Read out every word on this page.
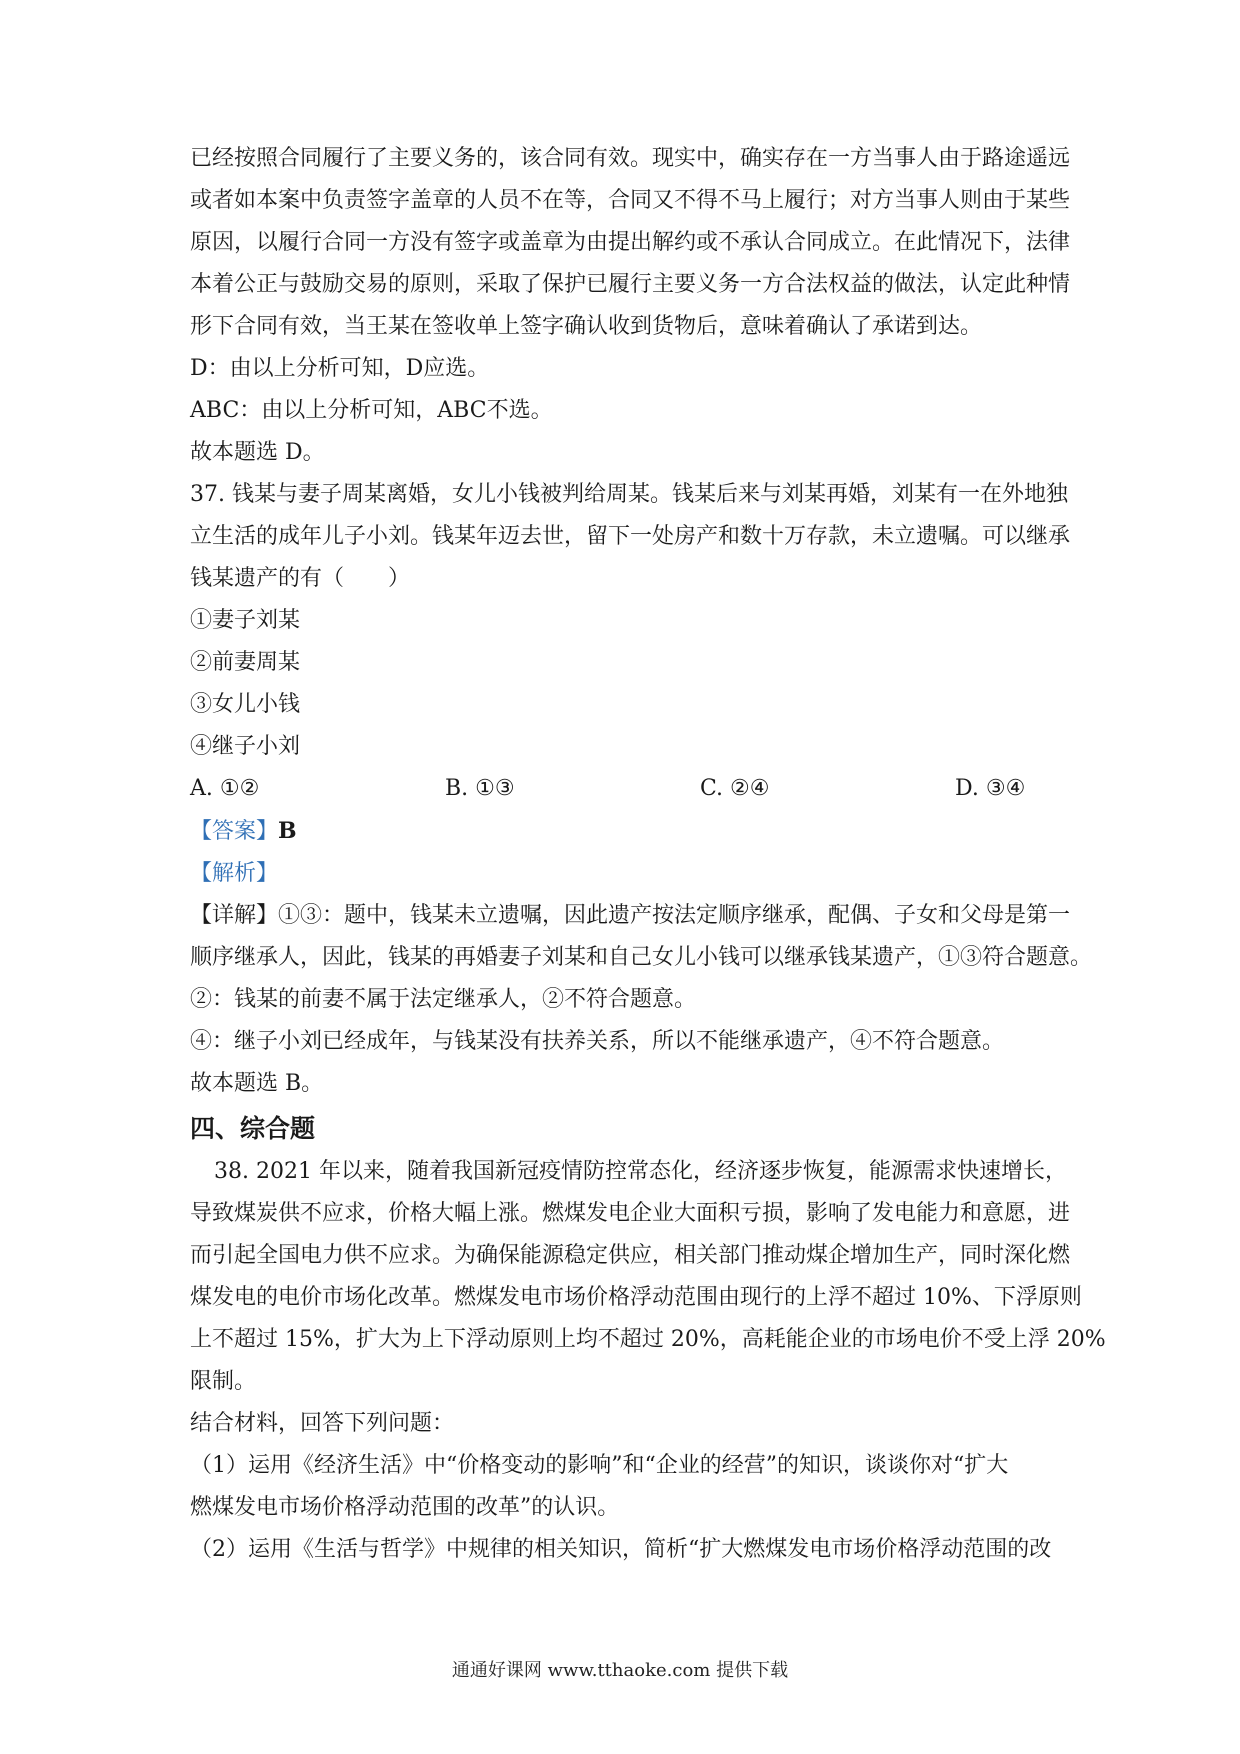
已经按照合同履行了主要义务的，该合同有效。现实中，确实存在一方当事人由于路途遥远
或者如本案中负责签字盖章的人员不在等，合同又不得不马上履行；对方当事人则由于某些
原因，以履行合同一方没有签字或盖章为由提出解约或不承认合同成立。在此情况下，法律
本着公正与鼓励交易的原则，采取了保护已履行主要义务一方合法权益的做法，认定此种情
形下合同有效，当王某在签收单上签字确认收到货物后，意味着确认了承诺到达。
D：由以上分析可知，D应选。
ABC：由以上分析可知，ABC不选。
故本题选 D。
37. 钱某与妻子周某离婚，女儿小钱被判给周某。钱某后来与刘某再婚，刘某有一在外地独
立生活的成年儿子小刘。钱某年迈去世，留下一处房产和数十万存款，未立遗嘱。可以继承
钱某遗产的有（　　）
①妻子刘某
②前妻周某
③女儿小钱
④继子小刘
A. ①②	B. ①③	C. ②④	D. ③④
【答案】B
【解析】
【详解】①③：题中，钱某未立遗嘱，因此遗产按法定顺序继承，配偶、子女和父母是第一
顺序继承人，因此，钱某的再婚妻子刘某和自己女儿小钱可以继承钱某遗产，①③符合题意。
②：钱某的前妻不属于法定继承人，②不符合题意。
④：继子小刘已经成年，与钱某没有扶养关系，所以不能继承遗产，④不符合题意。
故本题选 B。
四、综合题
38. 2021 年以来，随着我国新冠疫情防控常态化，经济逐步恢复，能源需求快速增长，
导致煤炭供不应求，价格大幅上涨。燃煤发电企业大面积亏损，影响了发电能力和意愿，进
而引起全国电力供不应求。为确保能源稳定供应，相关部门推动煤企增加生产，同时深化燃
煤发电的电价市场化改革。燃煤发电市场价格浮动范围由现行的上浮不超过 10%、下浮原则
上不超过 15%，扩大为上下浮动原则上均不超过 20%，高耗能企业的市场电价不受上浮 20%
限制。
结合材料，回答下列问题：
（1）运用《经济生活》中“价格变动的影响”和“企业的经营”的知识，谈谈你对“扩大
燃煤发电市场价格浮动范围的改革”的认识。
（2）运用《生活与哲学》中规律的相关知识，简析“扩大燃煤发电市场价格浮动范围的改
通通好课网 www.tthaoke.com 提供下载
